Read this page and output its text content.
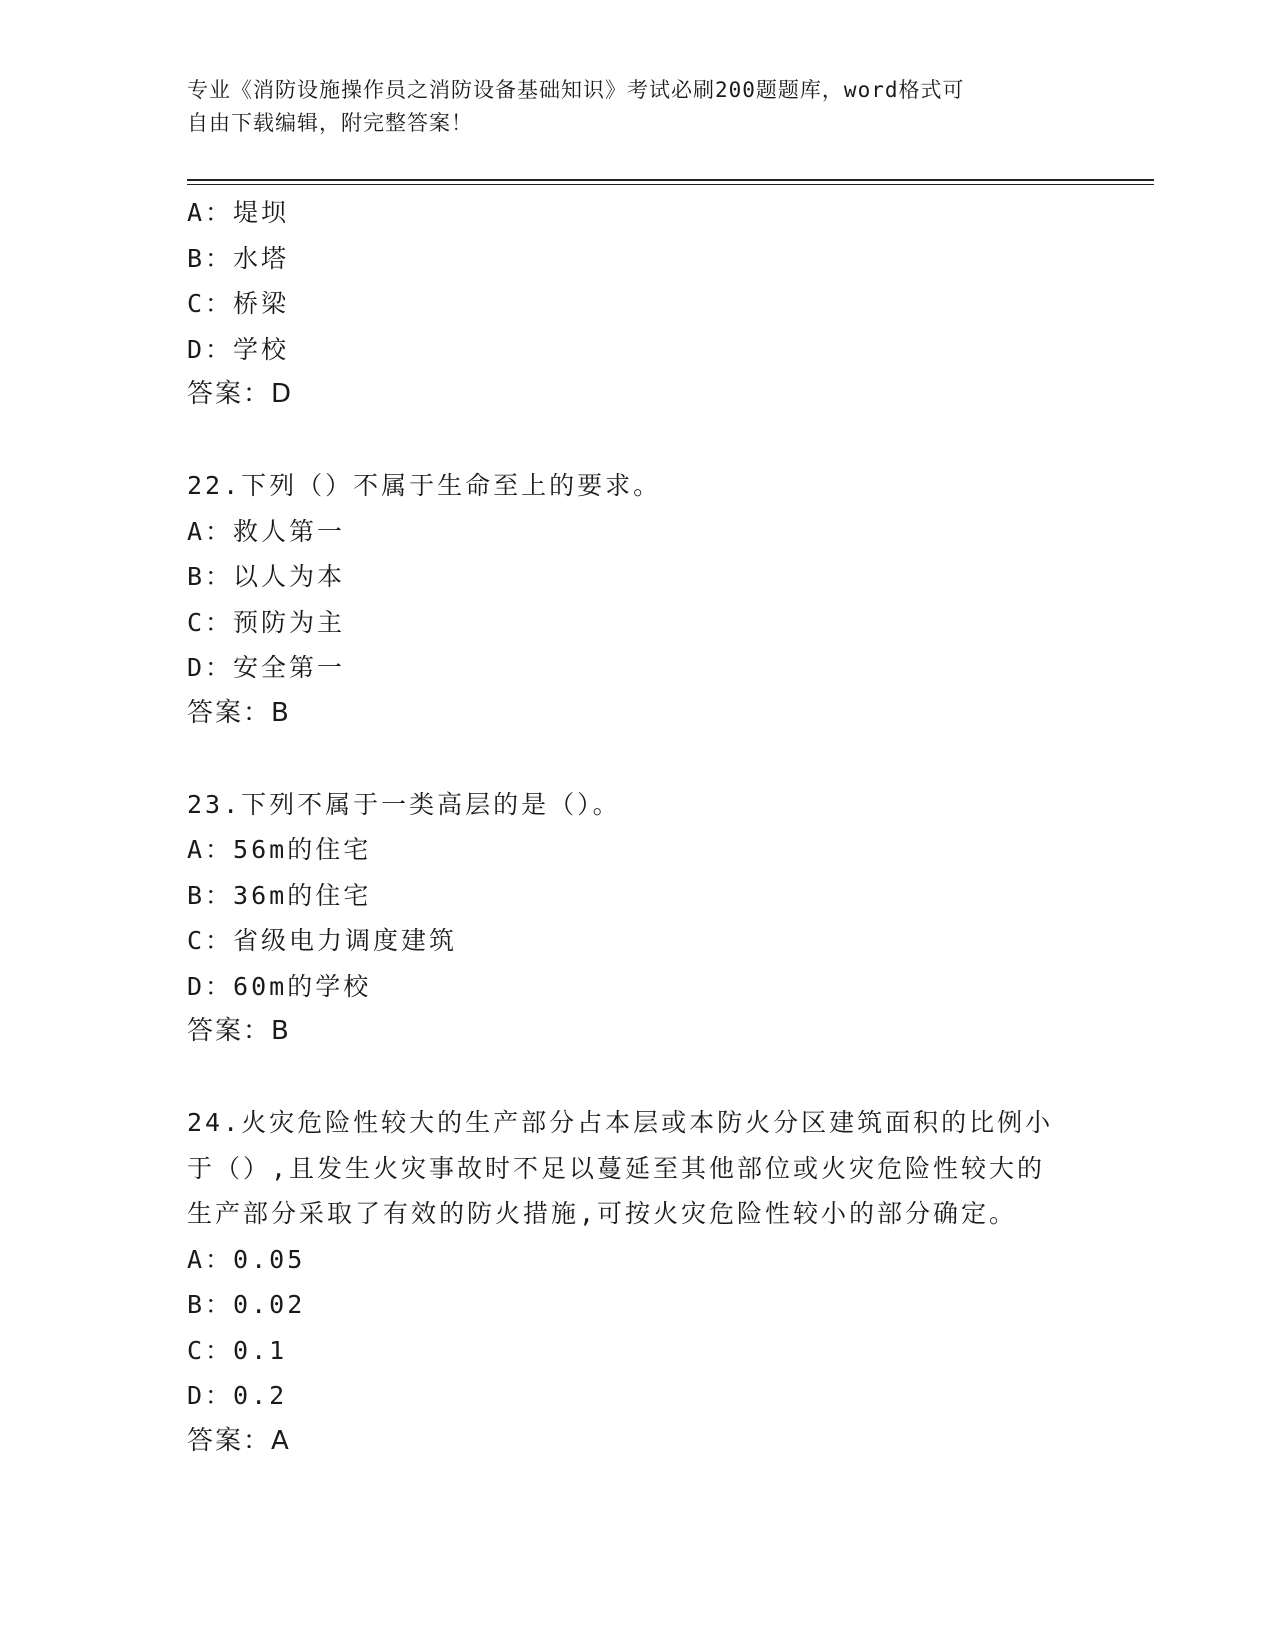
专业《消防设施操作员之消防设备基础知识》考试必刷200题题库，word格式可
自由下载编辑，附完整答案！
A：堤坝
B：水塔
C：桥梁
D：学校
答案：D
22.下列（）不属于生命至上的要求。
A：救人第一
B：以人为本
C：预防为主
D：安全第一
答案：B
23.下列不属于一类高层的是（）。
A：56m的住宅
B：36m的住宅
C：省级电力调度建筑
D：60m的学校
答案：B
24.火灾危险性较大的生产部分占本层或本防火分区建筑面积的比例小
于（）,且发生火灾事故时不足以蔓延至其他部位或火灾危险性较大的
生产部分采取了有效的防火措施,可按火灾危险性较小的部分确定。
A：0.05
B：0.02
C：0.1
D：0.2
答案：A
